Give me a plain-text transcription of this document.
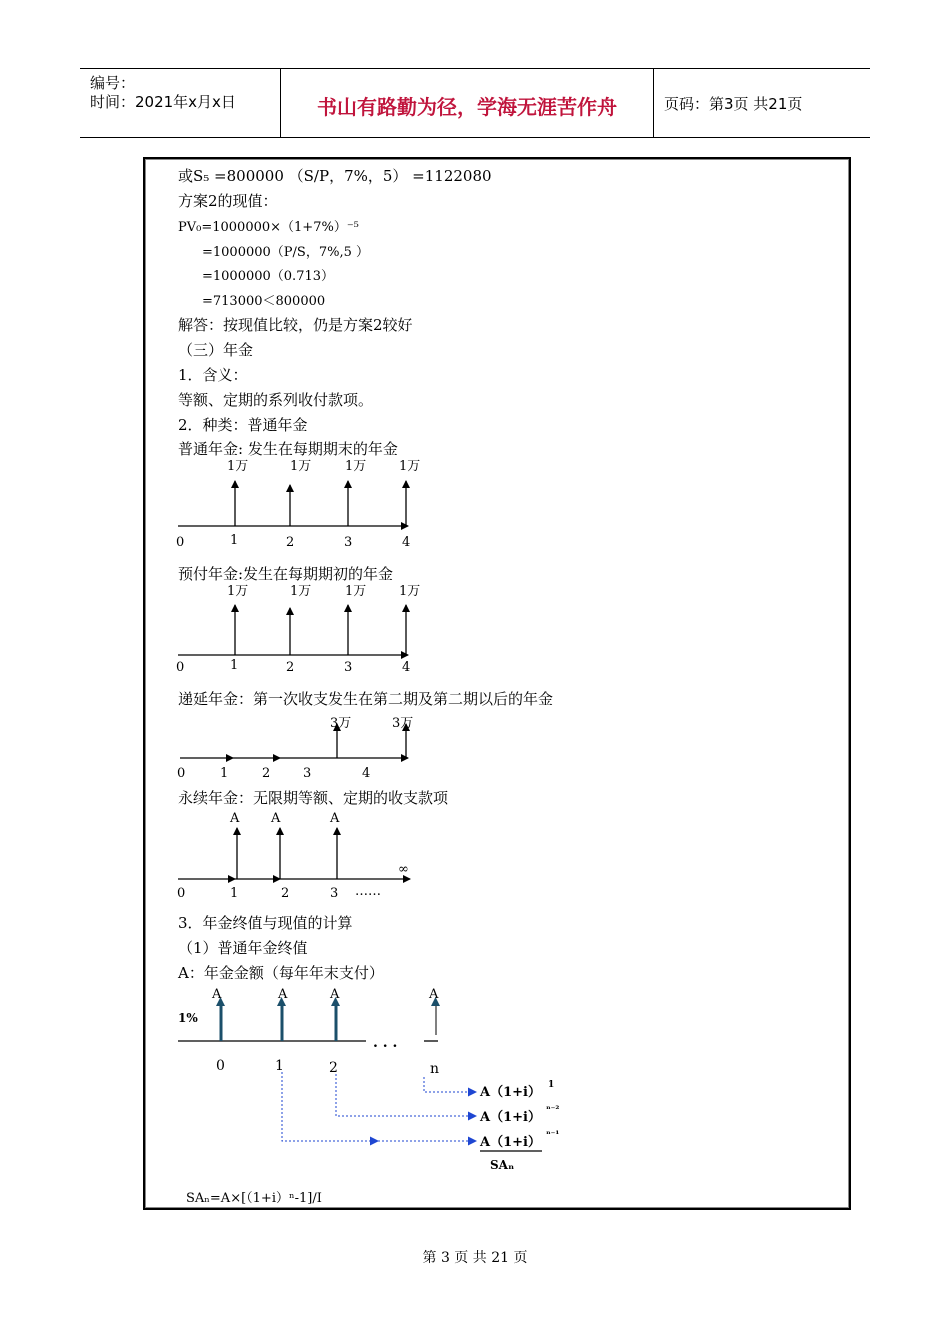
编号：
时间：2021年x月x日	书山有路勤为径，学海无涯苦作舟	页码：第3页 共21页
或S₅ =800000 （S/P，7%，5） =1122080
方案2的现值：
PV₀=1000000×（1+7%）⁻⁵
=1000000（P/S，7%,5 ）
=1000000（0.713）
=713000＜800000
解答：按现值比较，仍是方案2较好
（三）年金
1．含义：
等额、定期的系列收付款项。
2．种类：普通年金
普通年金: 发生在每期期末的年金
1万	1万	1万	1万
0	1	2	3	4
预付年金:发生在每期期初的年金
1万	1万	1万	1万
0	1	2	3	4
递延年金：第一次收支发生在第二期及第二期以后的年金
3万	3万
0	1	2	3	4
永续年金：无限期等额、定期的收支款项
A A	A
∞
0	1	2	3 ……
3．年金终值与现值的计算
（1）普通年金终值
A：年金金额（每年年末支付）
. . .
1%
A	A	A	A
0	1	2	n
A（1+i） 1
A（1+i） ⁿ⁻²
A（1+i） ⁿ⁻¹
SAₙ
SAₙ=A×[（1+i）ⁿ-1]/I
第 3 页 共 21 页
